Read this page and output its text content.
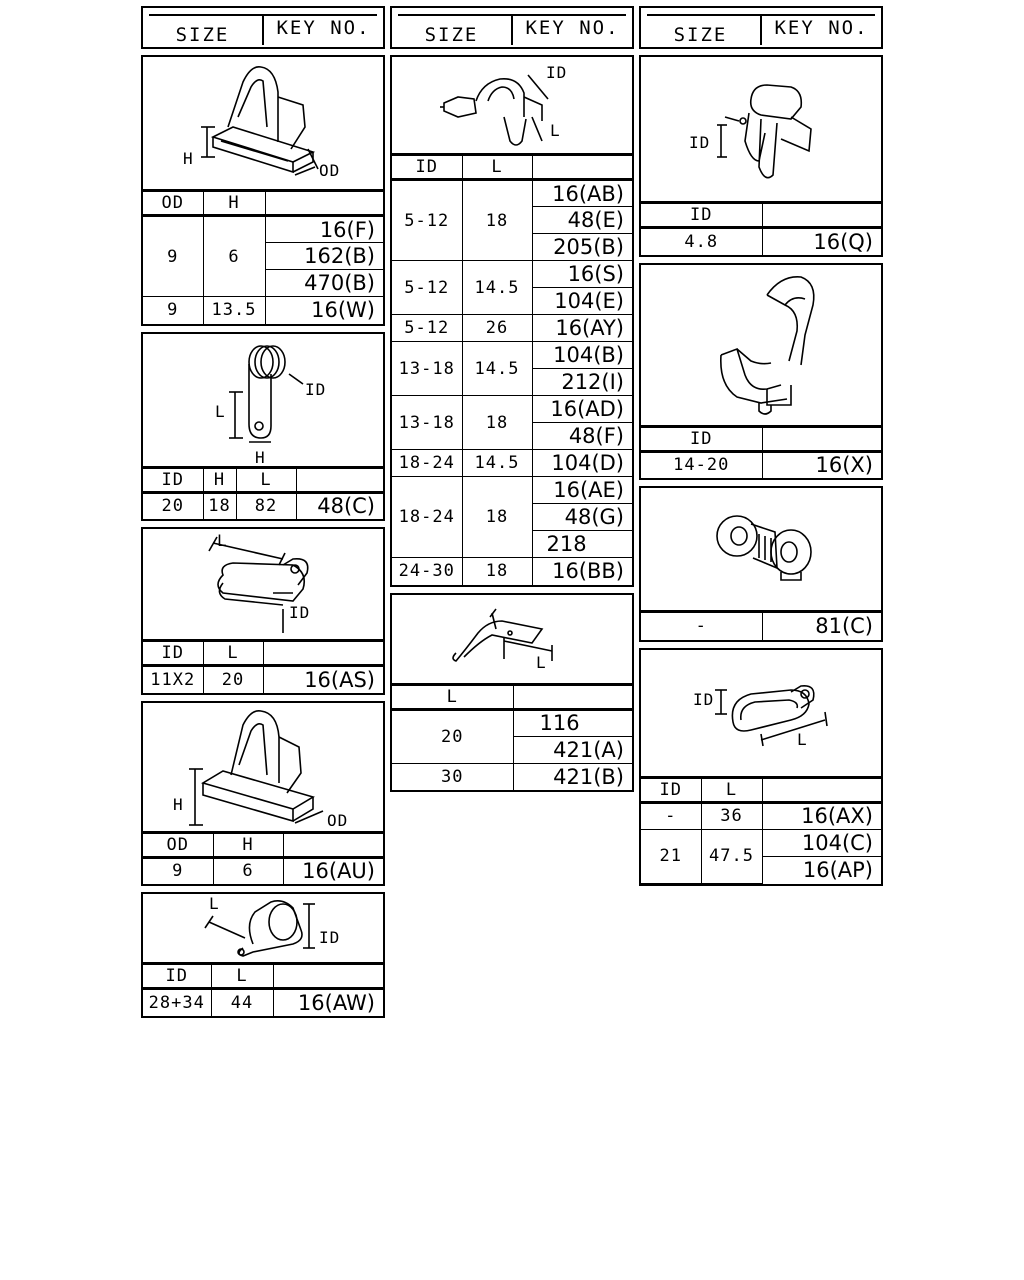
SIZE	KEY NO.
H
OD
OD	H	
9	6	16(F)
		162(B)
		470(B)
9	13.5	16(W)
L
ID
H
ID	H	L	
20	18	82	48(C)
L
ID
ID	L	
11X2	20	16(AS)
H
OD
OD	H	
9	6	16(AU)
L
ID
ID	L	
28+34	44	16(AW)
SIZE	KEY NO.
ID
L
ID	L	
5-12	18	16(AB)
		48(E)
		205(B)
5-12	14.5	16(S)
		104(E)
5-12	26	16(AY)
13-18	14.5	104(B)
		212(I)
13-18	18	16(AD)
		48(F)
18-24	14.5	104(D)
18-24	18	16(AE)
		48(G)
		218
24-30	18	16(BB)
L
L	
20	116
	421(A)
30	421(B)
SIZE	KEY NO.
ID
ID	
4.8	16(Q)
ID	
14-20	16(X)
-	81(C)
ID
L
ID	L	
-	36	16(AX)
21	47.5	104(C)
		16(AP)
